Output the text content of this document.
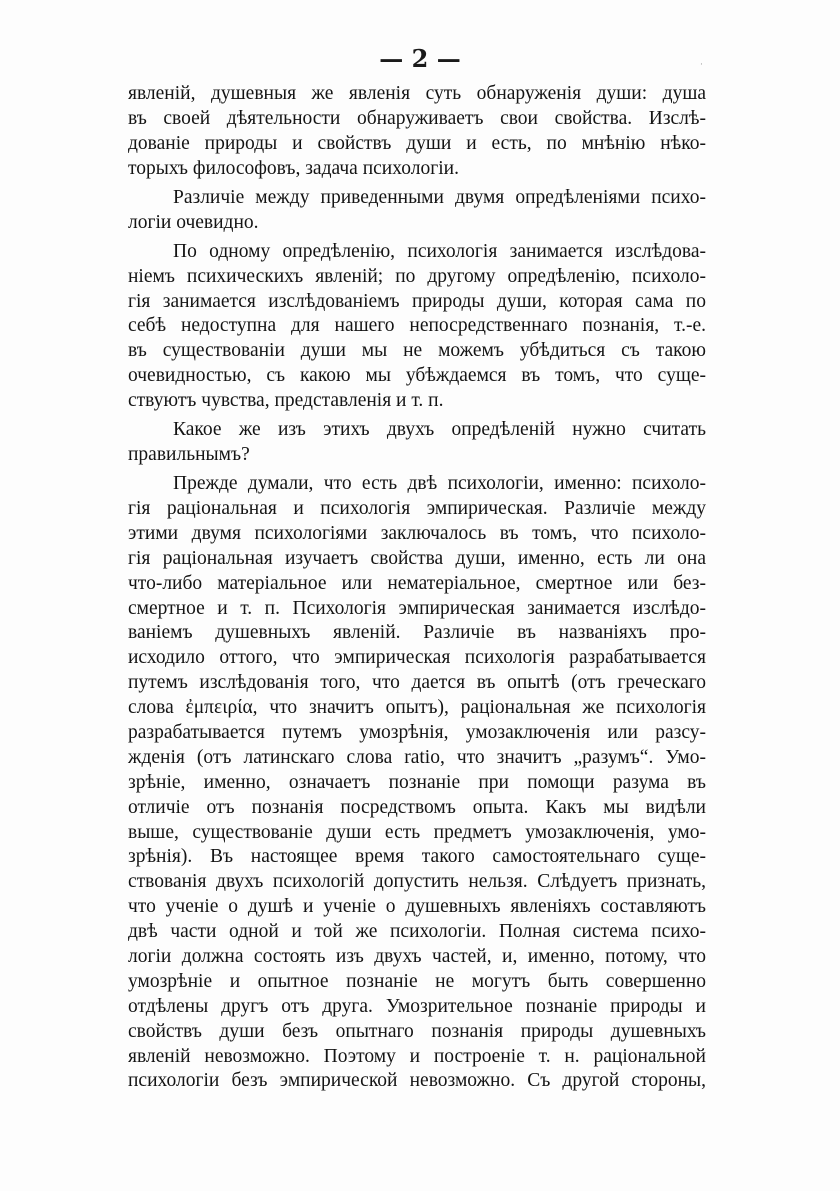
— 2 —	·
явленій, душевныя же явленія суть обнаруженія души: душа
въ своей дѣятельности обнаруживаетъ свои свойства. Изслѣ-
дованіе природы и свойствъ души и есть, по мнѣнію нѣко-
торыхъ философовъ, задача психологіи.
Различіе между приведенными двумя опредѣленіями психо-
логіи очевидно.
По одному опредѣленію, психологія занимается изслѣдова-
ніемъ психическихъ явленій; по другому опредѣленію, психоло-
гія занимается изслѣдованіемъ природы души, которая сама по
себѣ недоступна для нашего непосредственнаго познанія, т.-е.
въ существованіи души мы не можемъ убѣдиться съ такою
очевидностью, съ какою мы убѣждаемся въ томъ, что суще-
ствуютъ чувства, представленія и т. п.
Какое же изъ этихъ двухъ опредѣленій нужно считать
правильнымъ?
Прежде думали, что есть двѣ психологіи, именно: психоло-
гія раціональная и психологія эмпирическая. Различіе между
этими двумя психологіями заключалось въ томъ, что психоло-
гія раціональная изучаетъ свойства души, именно, есть ли она
что-либо матеріальное или нематеріальное, смертное или без-
смертное и т. п. Психологія эмпирическая занимается изслѣдо-
ваніемъ душевныхъ явленій. Различіе въ названіяхъ про-
исходило оттого, что эмпирическая психологія разрабатывается
путемъ изслѣдованія того, что дается въ опытѣ (отъ греческаго
слова ἐμπειρία, что значитъ опытъ), раціональная же психологія
разрабатывается путемъ умозрѣнія, умозаключенія или разсу-
жденія (отъ латинскаго слова ratio, что значитъ „разумъ“. Умо-
зрѣніе, именно, означаетъ познаніе при помощи разума въ
отличіе отъ познанія посредствомъ опыта. Какъ мы видѣли
выше, существованіе души есть предметъ умозаключенія, умо-
зрѣнія). Въ настоящее время такого самостоятельнаго суще-
ствованія двухъ психологій допустить нельзя. Слѣдуетъ признать,
что ученіе о душѣ и ученіе о душевныхъ явленіяхъ составляютъ
двѣ части одной и той же психологіи. Полная система психо-
логіи должна состоять изъ двухъ частей, и, именно, потому, что
умозрѣніе и опытное познаніе не могутъ быть совершенно
отдѣлены другъ отъ друга. Умозрительное познаніе природы и
свойствъ души безъ опытнаго познанія природы душевныхъ
явленій невозможно. Поэтому и построеніе т. н. раціональной
психологіи безъ эмпирической невозможно. Съ другой стороны,
